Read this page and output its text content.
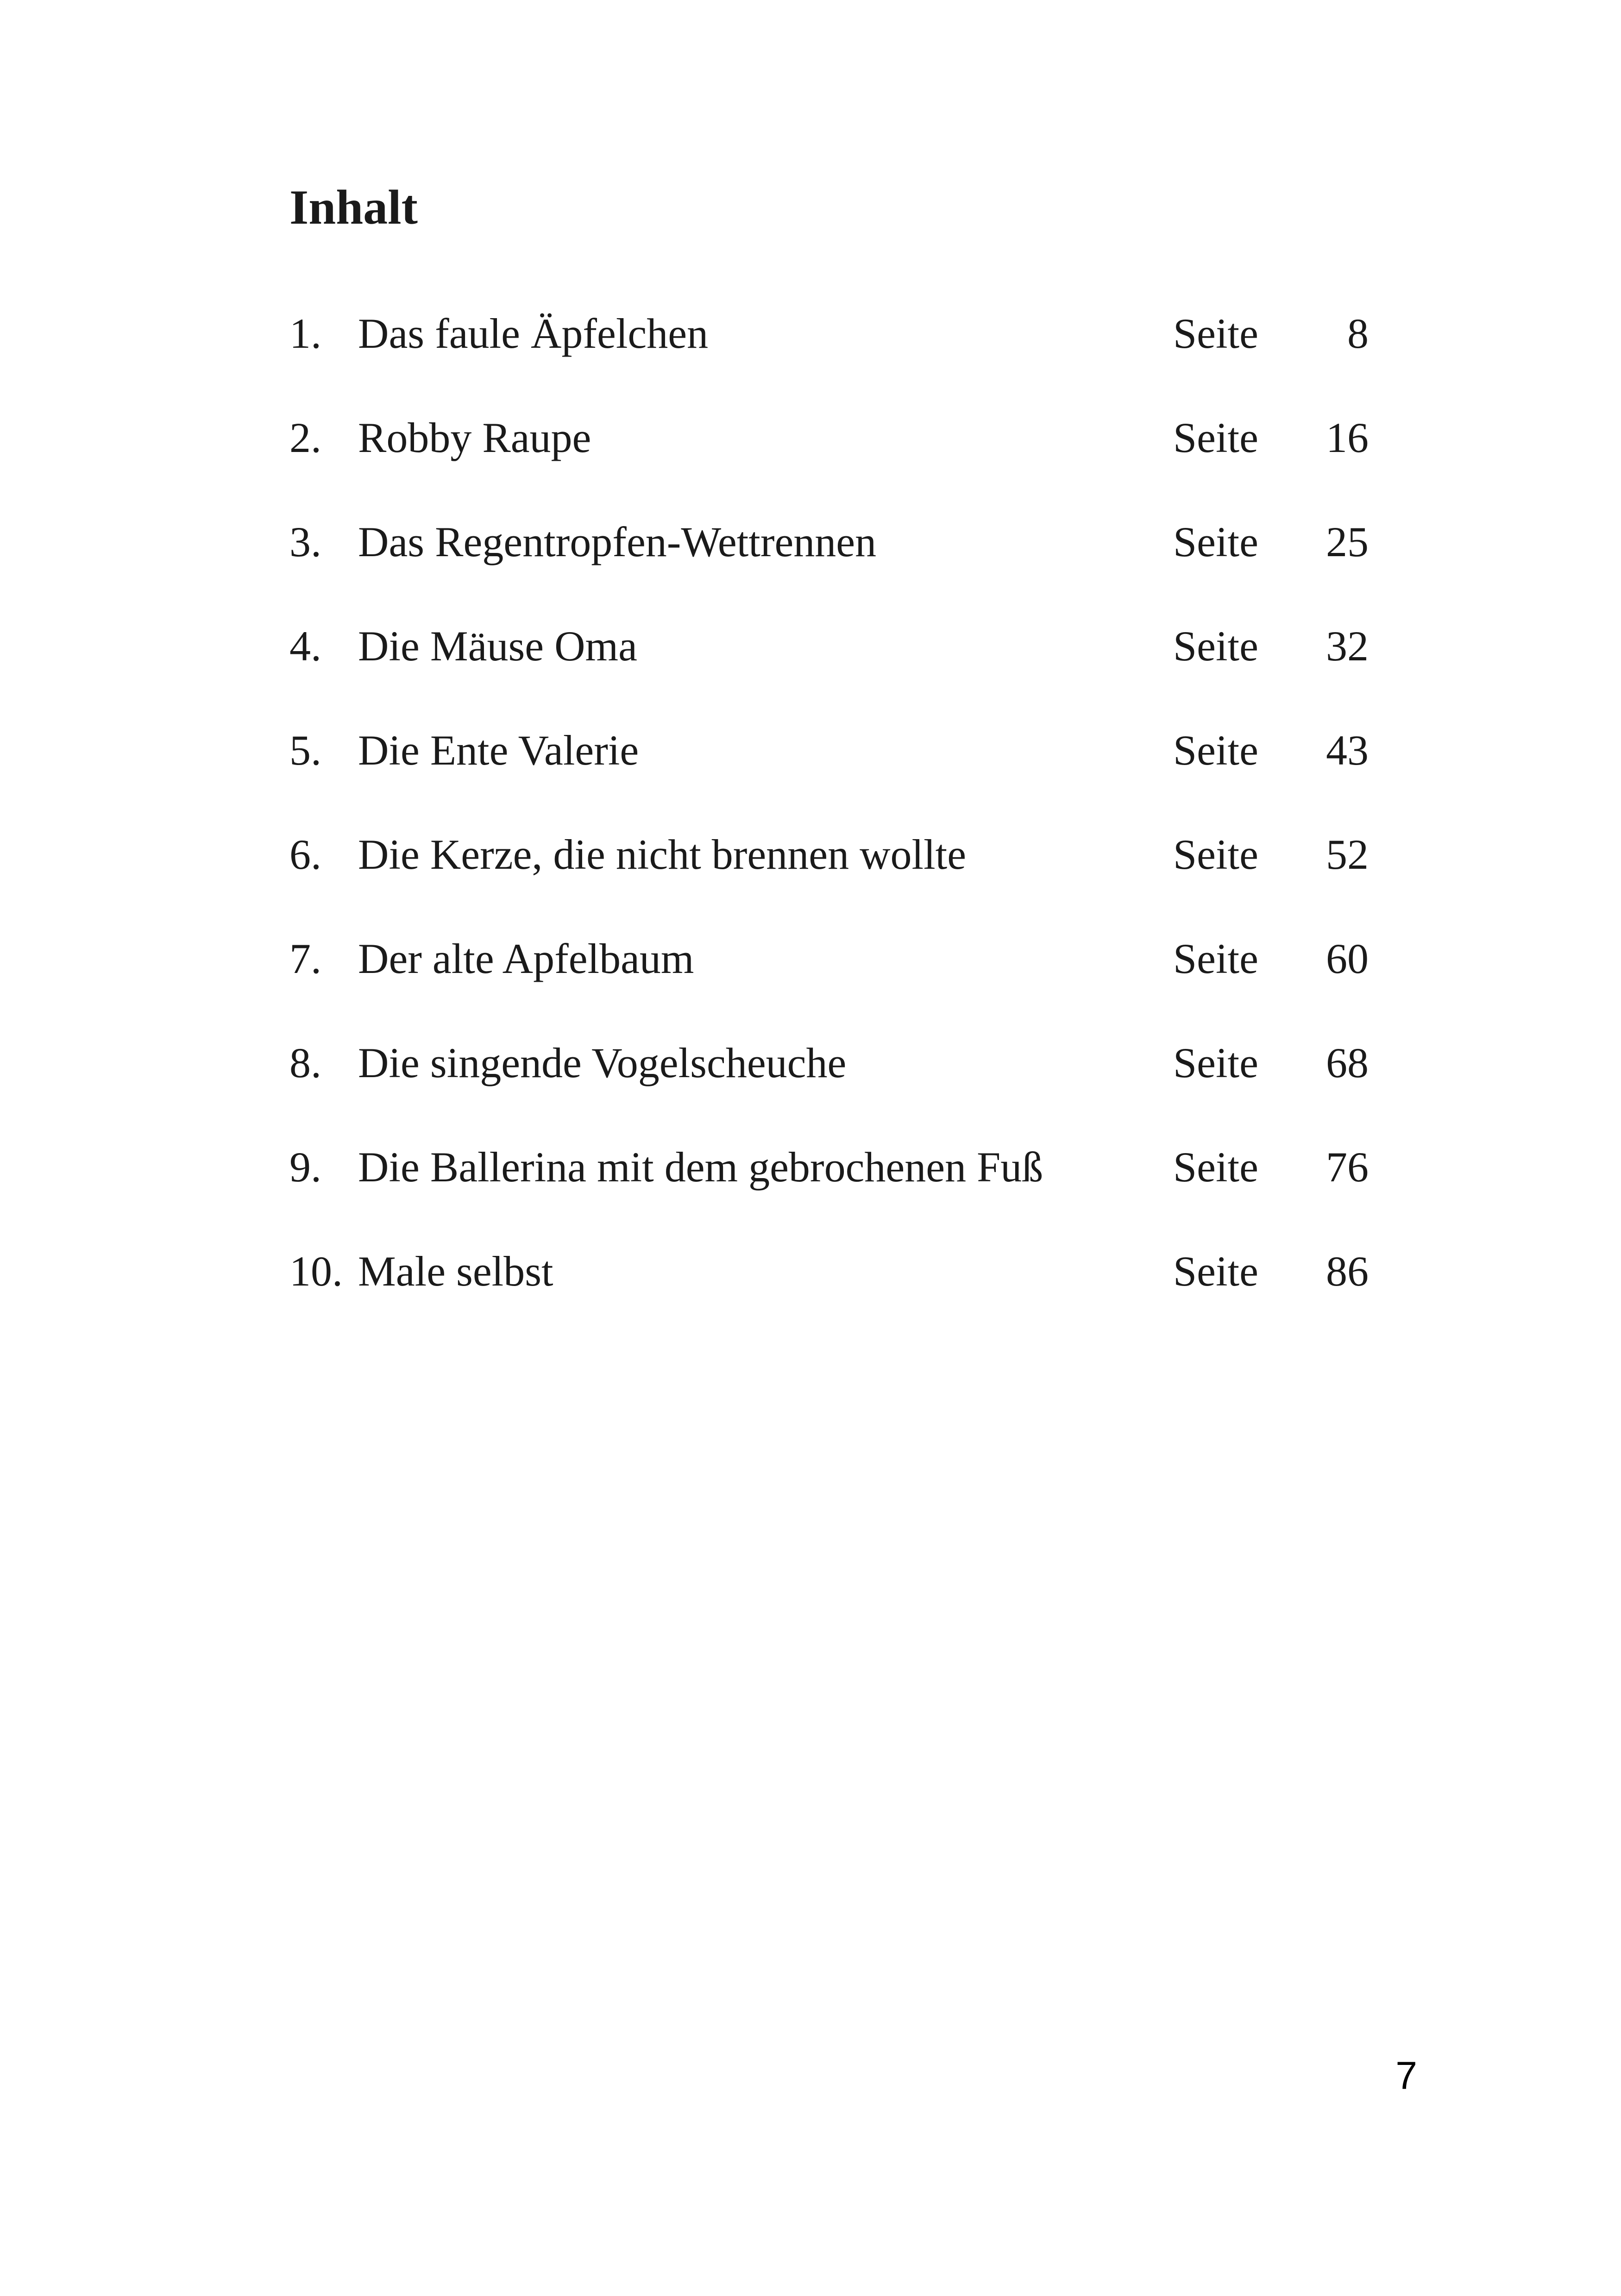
Inhalt
1. Das faule Äpfelchen	Seite	8
2. Robby Raupe	Seite	16
3. Das Regentropfen-Wettrennen	Seite	25
4. Die Mäuse Oma	Seite	32
5. Die Ente Valerie	Seite	43
6. Die Kerze, die nicht brennen wollte	Seite	52
7. Der alte Apfelbaum	Seite	60
8. Die singende Vogelscheuche	Seite	68
9. Die Ballerina mit dem gebrochenen Fuß	Seite	76
10. Male selbst	Seite	86
7
